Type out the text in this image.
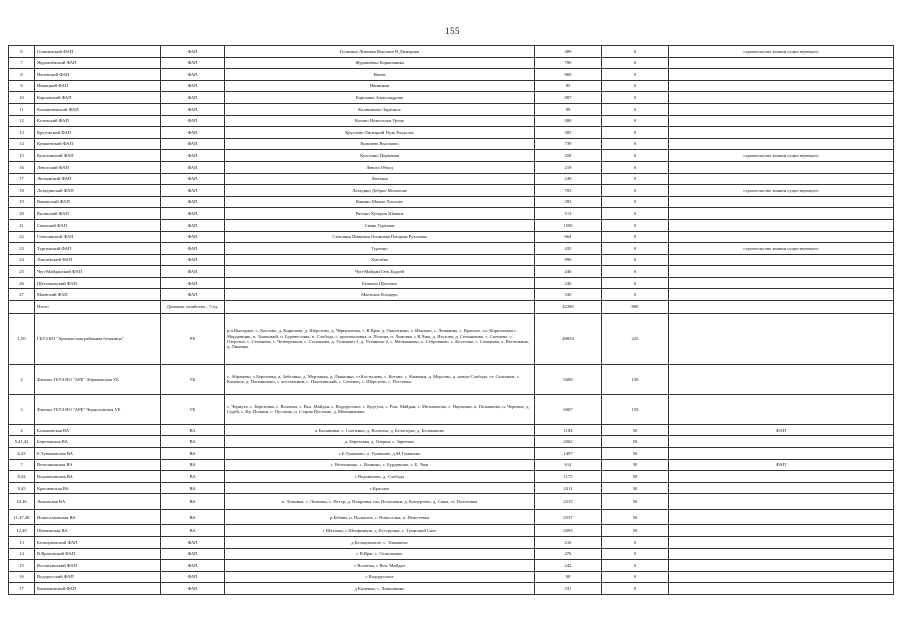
155
6	Голятинский ФАП	ФАП	Голятино Липовка Высокое Н.Дмитриев	489	0	строительство взамен существующего
7	Журавлёвский ФАП	ФАП	Журавлёвка Коржовинка	786	0	
8	Ивлевский ФАП	ФАП	Ивлев	869	0	
9	Ивницкий ФАП	ФАП	Ивницкая	85	0	
10	Карповский ФАП	ФАП	Карповка Александрова	887	0	
11	Калиничевский ФАП	ФАП	Калиничево Заречное	99	0	
12	Котовский ФАП	ФАП	Котово Новоселки Урочь	486	0	
13	Круговский ФАП	ФАП	Круглово Липецкий Пуль Раздолье	585	0	
14	Кумшевский ФАП	ФАП	Кумшево Высоково	739	0	
15	Кулотинский ФАП	ФАП	Кулотино Первомая	258	0	строительство взамен существующего
16	Левотский ФАП	ФАП	Левота Обход	219	0	
17	Лютынский ФАП	ФАП	Лютыня	248	0	
18	Лозадинский ФАП	ФАП	Лозадино Доброе Мочалове	703	0	строительство взамен существующего
19	Ванинский ФАП	ФАП	Ванино Малые Хохлово	283	0	
20	Рясинский ФАП	ФАП	Рясино Хуторок Шашки	513	0	
21	Свенский ФАП	ФАП	Свень Туртыки	1500	0	
22	Стеклянский ФАП	ФАП	Стеклянн Пищевая Осиновая Плоцкая Рухловая	664	0	
23	Тургинский ФАП	ФАП	Тургино	435	0	строительство взамен существующего
24	Хмелёвский ФАП	ФАП	Хмелёво	890	0	
25	Чуп-Майданский ФАП	ФАП	Чуп-Майдан Гать Будаей	246	0	
26	Щеточковский ФАП	ФАП	Белково Щеточки	236	0	
27	Маевский ФАП	ФАП	Маевское Кльцеро	330	0	
	Итого	Домовые хозяйства – 5 ед.		42280	800	
1,50	ГБУЗ КО "Арзамасская районная больница"	РБ	р.п.Выездное, с. Хохлово, д. Кирилова, д. Шерстово, д. Чёрнушечка, с. В.Враг, д. Окшотково, с. Ивалово, с. Лемяково, с. Красное, ол. Кирилловка с. Мордовщик, п. Тишенкий, п. Буревестник, п. Слобода, с. протоколовка, п. Полина, п. Ломовка, с В.Чиж, д. Изузово, д. Сельниково, с. Спешево, с. Озерское, с. Семенова, с. Четвертинов, с. Степанова, д. Ухтинено-1, д. Ухтинено-2, с. Мельниково, о. Себровково, с. Косточко, с. Семенова, о. Ветошкина, д. Линевка.	48834	225	
2	Филиал ГБУЗ НО "АРБ" Абрамовская УБ	УБ	с. Абрамово, с.Березовка, д. Забелино, д. Морлинка, д. Лыкшино, ст.Костылево, с. Котово, с. Каменки, д. Морсово, д. новые Слобода, ст. Салтыков, с. Каменск, д. Поповичено, с. костыликов, с. Пахотинский, с. Сеченец, с. Шерстово, с. Пестовка.	9408	150	
3	Филиал ГБУЗ НО "АРБ" Чернуховская УБ	УБ	с. Чернуха, с. Березовка, с. Волчиха, с. Вол. Майдан, с. Водорусское, с. Крутула, с. Рож. Майдан, с. Мотовилово, с. Наумовка, п. Позывково, п. Черемис, д. Судей, с. Кр. Полкин, с. Пустынь, п. Старая Пустынь, д. Мельниковка.	6007	150	
4	Балыковская ВА	ВА	п.Балыковка, с. Слепенко, д. Волчиха, д. Белогорье, д. Бельканово	1184	50	ФАП
5,41,42	Березовская ВА	ВА	д. Березовка, д. Озерки, с. Заречное	2062	50	
6,43	Б.Тумановская ВА	ВА	с.Б.Туманово, о. Туманово, д.М.Туманово	1497	50	
7	Ветошкинская ВА	ВА	с. Ветошкино, с. Вазнино, с. Бурдиново, с. Б. Чиж	614	50	ФАП
8,44	Водоватовская ВА	ВА	с Водоватово, д. Слобода	1175	50	
9,45	Красненская ВА	ВА	с.Красное	2411	50	
10,46	Ломовская ВА	ВА	п. Ломовка, с. Ломовка, с. Пестр, д. Покровка, пм. Полотовки, д. Кощертово, д. Саша, ст. Полотовка	2215	50	
11,47,48	Новоселковская ВА	ВА	р.Бебяво, п. Полкотов, с. Новоселки, п. Пешстевка	2537	50	
12,49	Шатковская ВА	ВА	с Шатлава, с Шелфинцов, д. Беструнки, с. Тумилной Снег	2093	50	
13	Бельцовчаский ФАП	ФАП	д Бельцовчатое, с. Тимашево	216	0	
14	В.Враговский ФАП	ФАП	с В.Враг, с. Осоклышко	476	0	
15	Волчихинский ФАП	ФАП	с Волчиха, с Вол. Майдан	242	0	
16	Водорусский ФАП	ФАП	с Водорусское	90	0	
17	Каменковский ФАП	ФАП	д Каменка, с. Ломашкино	331	0	
